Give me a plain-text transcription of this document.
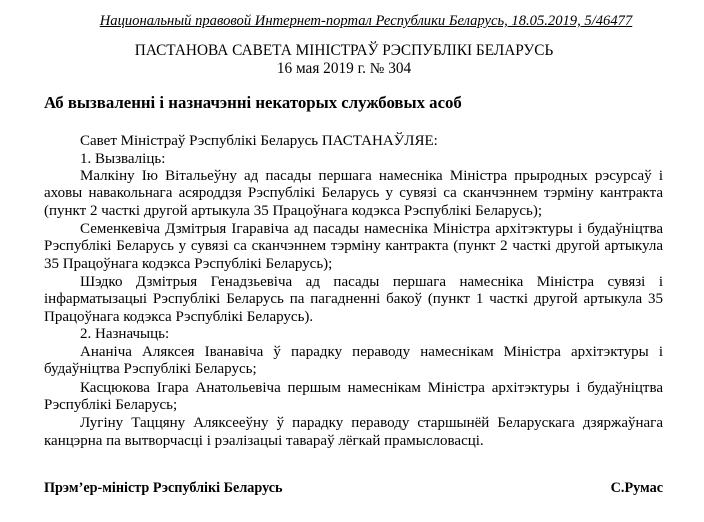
Национальный правовой Интернет-портал Республики Беларусь, 18.05.2019, 5/46477
ПАСТАНОВА САВЕТА МІНІСТРАЎ РЭСПУБЛІКІ БЕЛАРУСЬ
16 мая 2019 г. № 304
Аб вызваленні і назначэнні некаторых службовых асоб

Савет Міністраў Рэспублікі Беларусь ПАСТАНАЎЛЯЕ:

1. Вызваліць:

Малкіну Ію Вітальеўну ад пасады першага намесніка Міністра прыродных рэсурсаў і аховы навакольнага асяроддзя Рэспублікі Беларусь у сувязі са сканчэннем тэрміну кантракта (пункт 2 часткі другой артыкула 35 Працоўнага кодэкса Рэспублікі Беларусь);

Семенкевіча Дзмітрыя Ігаравіча ад пасады намесніка Міністра архітэктуры і будаўніцтва Рэспублікі Беларусь у сувязі са сканчэннем тэрміну кантракта (пункт 2 часткі другой артыкула 35 Працоўнага кодэкса Рэспублікі Беларусь);

Шэдко Дзмітрыя Генадзьевіча ад пасады першага намесніка Міністра сувязі і інфарматызацыі Рэспублікі Беларусь па пагадненні бакоў (пункт 1 часткі другой артыкула 35 Працоўнага кодэкса Рэспублікі Беларусь).

2. Назначыць:

Ананіча Аляксея Іванавіча ў парадку пераводу намеснікам Міністра архітэктуры і будаўніцтва Рэспублікі Беларусь;

Касцюкова Ігара Анатольевіча першым намеснікам Міністра архітэктуры і будаўніцтва Рэспублікі Беларусь;

Лугіну Таццяну Аляксееўну ў парадку пераводу старшынёй Беларускага дзяржаўнага канцэрна па вытворчасці і рэалізацыі тавараў лёгкай прамысловасці.

Прэм’ер-міністр Рэспублікі Беларусь	С.Румас
